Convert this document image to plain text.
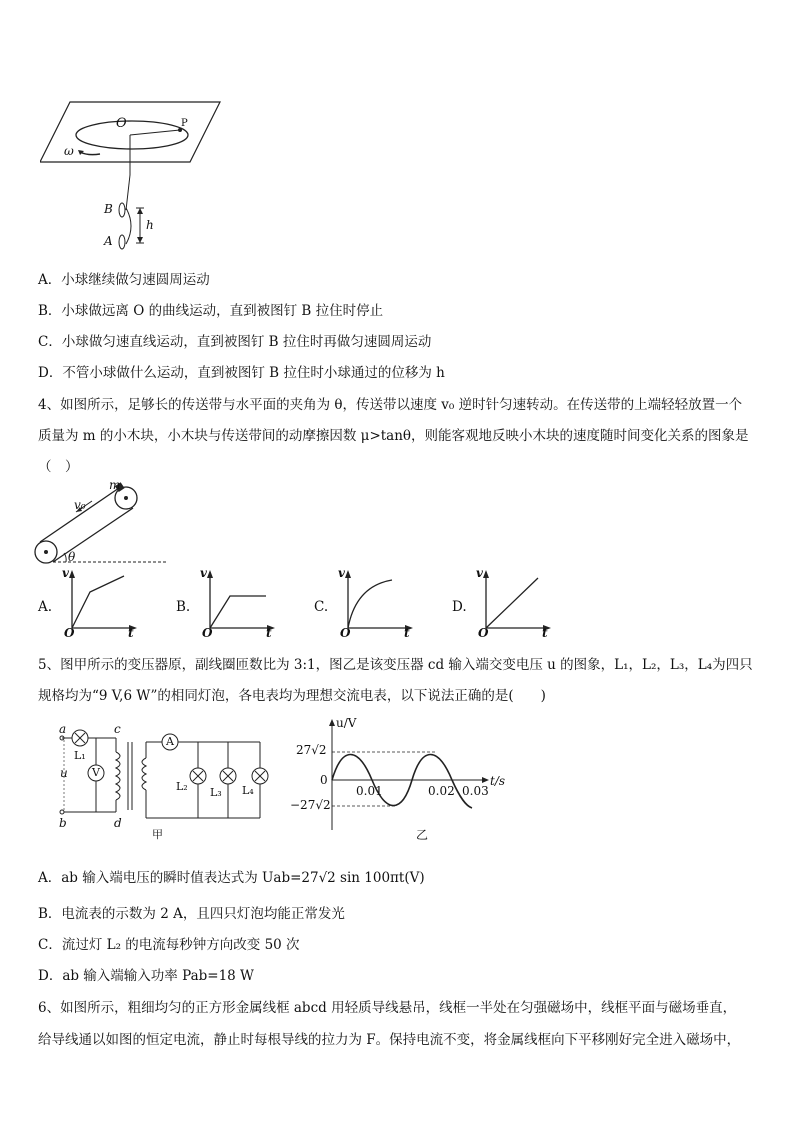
O	P
ω
B
A
h
A．小球继续做匀速圆周运动
B．小球做远离 O 的曲线运动，直到被图钉 B 拉住时停止
C．小球做匀速直线运动，直到被图钉 B 拉住时再做匀速圆周运动
D．不管小球做什么运动，直到被图钉 B 拉住时小球通过的位移为 h
4、如图所示，足够长的传送带与水平面的夹角为 θ，传送带以速度 v₀ 逆时针匀速转动。在传送带的上端轻轻放置一个
质量为 m 的小木块，小木块与传送带间的动摩擦因数 μ>tanθ，则能客观地反映小木块的速度随时间变化关系的图象是
（　）
m
v₀
θ
A.
v
O	t
B.
v
O	t
C.
v
O	t
D.
v
O	t
5、图甲所示的变压器原，副线圈匝数比为 3:1，图乙是该变压器 cd 输入端交变电压 u 的图象，L₁，L₂，L₃，L₄为四只
规格均为“9 V,6 W”的相同灯泡，各电表均为理想交流电表，以下说法正确的是(　　)
a
b
c
d
u
L₁
V
A
L₂ L₃ L₄
甲
u/V
27√2
0
−27√2
0.01	0.02 0.03
t/s
乙
A．ab 输入端电压的瞬时值表达式为 Uab=27√2 sin 100πt(V)
B．电流表的示数为 2 A，且四只灯泡均能正常发光
C．流过灯 L₂ 的电流每秒钟方向改变 50 次
D．ab 输入端输入功率 Pab=18 W
6、如图所示，粗细均匀的正方形金属线框 abcd 用轻质导线悬吊，线框一半处在匀强磁场中，线框平面与磁场垂直，
给导线通以如图的恒定电流，静止时每根导线的拉力为 F。保持电流不变，将金属线框向下平移刚好完全进入磁场中，
